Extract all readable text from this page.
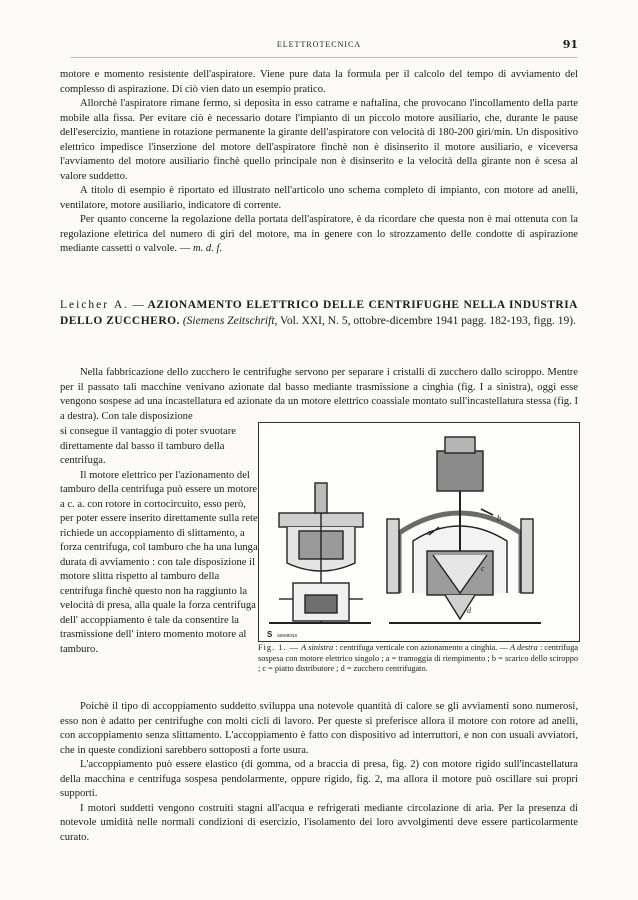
ELETTROTECNICA	91

motore e momento resistente dell'aspiratore. Viene pure data la formula per il calcolo del tempo di avviamento del complesso di aspirazione. Di ciò vien dato un esempio pratico.

Allorchè l'aspiratore rimane fermo, si deposita in esso catrame e naftalina, che provocano l'incollamento della parte mobile alla fissa. Per evitare ciò è necessario dotare l'impianto di un piccolo motore ausiliario, che, durante le pause dell'esercizio, mantiene in rotazione permanente la girante dell'aspiratore con velocità di 180-200 giri/min. Un dispositivo elettrico impedisce l'inserzione del motore dell'aspiratore finchè non è disinserito il motore ausiliario, e viceversa l'avviamento del motore ausiliario finchè quello principale non è disinserito e la velocità della girante non è scesa al valore suddetto.

A titolo di esempio è riportato ed illustrato nell'articolo uno schema completo di impianto, con motore ad anelli, ventilatore, motore ausiliario, indicatore di corrente.

Per quanto concerne la regolazione della portata dell'aspiratore, è da ricordare che questa non è mai ottenuta con la regolazione elettrica del numero di giri del motore, ma in genere con lo strozzamento delle condotte di aspirazione mediante cassetti o valvole. — m. d. f.

Leicher A. — AZIONAMENTO ELETTRICO DELLE CENTRIFUGHE NELLA INDUSTRIA DELLO ZUCCHERO. (Siemens Zeitschrift, Vol. XXI, N. 5, ottobre-dicembre 1941 pagg. 182-193, figg. 19).

Nella fabbricazione dello zucchero le centrifughe servono per separare i cristalli di zucchero dallo sciroppo. Mentre per il passato tali macchine venivano azionate dal basso mediante trasmissione a cinghia (fig. I a sinistra), oggi esse vengono sospese ad una incastellatura ed azionate da un motore elettrico coassiale montato sull'incastellatura stessa (fig. I a destra). Con tale disposizione

si consegue il vantaggio di poter svuotare direttamente dal basso il tamburo della centrifuga.

Il motore elettrico per l'azionamento del tamburo della centrifuga può essere un motore a c. a. con rotore in cortocircuito, esso però, per poter essere inserito direttamente sulla rete richiede un accoppiamento di slittamento, a forza centrifuga, col tamburo che ha una lunga durata di avviamento : con tale disposizione il motore slitta rispetto al tamburo della centrifuga finchè questo non ha raggiunto la velocità di presa, alla quale la forza centrifuga dell' accoppiamento è tale da consentire la trasmissione dell' intero momento motore al tamburo.

S SIEMENS
b
c
a
d
Fig. 1. — A sinistra : centrifuga verticale con azionamento a cinghia. — A destra : centrifuga sospesa con motore elettrico singolo ; a = tramoggia di riempimento ; b = scarico dello sciroppo ; c = piatto distributore ; d = zucchero centrifugato.

Poichè il tipo di accoppiamento suddetto sviluppa una notevole quantità di calore se gli avviamenti sono numerosi, esso non è adatto per centrifughe con molti cicli di lavoro. Per queste si preferisce allora il motore con rotore ad anelli, con accoppiamento senza slittamento. L'accoppiamento è fatto con dispositivo ad interruttori, e non con usuali avviatori, che in queste condizioni sarebbero sottoposti a forte usura.

L'accoppiamento può essere elastico (di gomma, od a braccia di presa, fig. 2) con motore rigido sull'incastellatura della macchina e centrifuga sospesa pendolarmente, oppure rigido, fig. 2, ma allora il motore può oscillare sui propri supporti.

I motori suddetti vengono costruiti stagni all'acqua e refrigerati mediante circolazione di aria. Per la presenza di notevole umidità nelle normali condizioni di esercizio, l'isolamento dei loro avvolgimenti deve essere particolarmente curato.
